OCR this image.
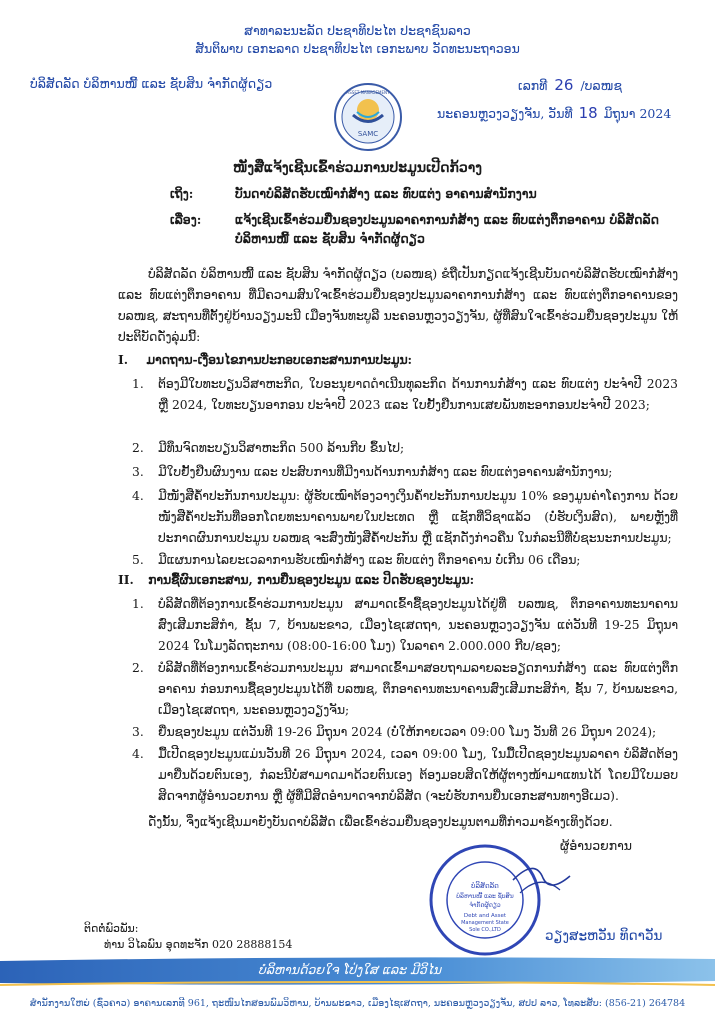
ສາທາລະນະລັດ ປະຊາທິປະໄຕ ປະຊາຊົນລາວ
ສັນຕິພາບ ເອກະລາດ ປະຊາທິປະໄຕ ເອກະພາບ ວັດທະນະຖາວອນ
ບໍລິສັດລັດ ບໍລິຫານໜີ້ ແລະ ຊັບສິນ ຈຳກັດຜູ້ດຽວ	ເລກທີ 26 /ບລໜຊ
ນະຄອນຫຼວງວຽງຈັນ, ວັນທີ 18 ມິຖຸນາ 2024
SAMC
ASSET MANAGEMENT
ໜັງສືແຈ້ງເຊີນເຂົ້າຮ່ວມການປະມູນເປີດກ້ວາງ
ເຖິງ:	ບັນດາບໍລິສັດຮັບເໝົາກໍ່ສ້າງ ແລະ ທົບແຕ່ງ ອາຄານສຳນັກງານ
ເລື່ອງ:	ແຈ້ງເຊີນເຂົ້າຮ່ວມຍື່ນຊອງປະມູນລາຄາການກໍ່ສ້າງ ແລະ ທົບແຕ່ງຕຶກອາຄານ ບໍລິສັດລັດ
ບໍລິຫານໜີ້ ແລະ ຊັບສິນ ຈຳກັດຜູ້ດຽວ
ບໍລິສັດລັດ ບໍລິຫານໜີ້ ແລະ ຊັບສິນ ຈຳກັດຜູ້ດຽວ (ບລໜຊ) ຂໍຖືເປັນກຽດແຈ້ງເຊີນບັນດາບໍລິສັດຮັບເໝົາກໍ່ສ້າງ ແລະ ທົບແຕ່ງຕຶກອາຄານ ທີ່ມີຄວາມສົນໃຈເຂົ້າຮ່ວມຍື່ນຊອງປະມູນລາຄາການກໍ່ສ້າງ ແລະ ທົບແຕ່ງຕຶກອາຄານຂອງ ບລໜຊ, ສະຖານທີ່ຕັ້ງຢູ່ບ້ານວຽງມະນີ ເມືອງຈັນທະບູລີ ນະຄອນຫຼວງວຽງຈັນ, ຜູ້ທີ່ສົນໃຈເຂົ້າຮ່ວມຍື່ນຊອງປະມູນ ໃຫ້ປະຕິບັດດັ່ງລຸ່ມນີ້:
I. ມາດຖານ-ເງື່ອນໄຂການປະກອບເອກະສານການປະມູນ:
1. ຕ້ອງມີໃບທະບຽນວິສາຫະກິດ, ໃບອະນຸຍາດດຳເນີນທຸລະກິດ ດ້ານການກໍ່ສ້າງ ແລະ ທົບແຕ່ງ ປະຈຳປີ 2023 ຫຼື 2024, ໃບທະບຽນອາກອນ ປະຈຳປີ 2023 ແລະ ໃບຢັ້ງຢືນການເສຍພັນທະອາກອນປະຈຳປີ 2023;
2. ມີທຶນຈົດທະບຽນວິສາຫະກິດ 500 ລ້ານກີບ ຂຶ້ນໄປ;
3. ມີໃບຢັ້ງຢືນຜົນງານ ແລະ ປະສົບການທີ່ມີງານດ້ານການກໍ່ສ້າງ ແລະ ທົບແຕ່ງອາຄານສຳນັກງານ;
4. ມີໜັງສືຄ້ຳປະກັນການປະມູນ: ຜູ້ຮັບເໝົາຕ້ອງວາງເງິນຄ້ຳປະກັນການປະມູນ 10% ຂອງມູນຄ່າໂຄງການ ດ້ວຍໜັງສືຄ້ຳປະກັນທີ່ອອກໂດຍທະນາຄານພາຍໃນປະເທດ ຫຼື ແຊັກທີ່ວິຊາແລ້ວ (ບໍ່ຮັບເງິນສົດ), ພາຍຫຼັງທີ່ປະກາດຜົນການປະມູນ ບລໜຊ ຈະສົ່ງໜັງສືຄ້ຳປະກັນ ຫຼື ແຊັກດັ່ງກ່າວຄືນ ໃນກໍລະນີທີ່ບໍ່ຊະນະການປະມູນ;
5. ມີແຜນການໄລຍະເວລາການຮັບເໝົາກໍ່ສ້າງ ແລະ ທົບແຕ່ງ ຕຶກອາຄານ ບໍ່ເກີນ 06 ເດືອນ;
II. ການຊື້ຜົນເອກະສານ, ການຍື່ນຊອງປະມູນ ແລະ ປິດຮັບຊອງປະມູນ:
1. ບໍລິສັດທີ່ຕ້ອງການເຂົ້າຮ່ວມການປະມູນ ສາມາດເຂົ້າຊື້ຊອງປະມູນໄດ້ຢູ່ທີ່ ບລໜຊ, ຕຶກອາຄານທະນາຄານສົ່ງເສີມກະສິກຳ, ຊັ້ນ 7, ບ້ານພະຂາວ, ເມືອງໄຊເສດຖາ, ນະຄອນຫຼວງວຽງຈັນ ແຕ່ວັນທີ 19-25 ມິຖຸນາ 2024 ໃນໂມງລັດຖະການ (08:00-16:00 ໂມງ) ໃນລາຄາ 2.000.000 ກີບ/ຊອງ;
2. ບໍລິສັດທີ່ຕ້ອງການເຂົ້າຮ່ວມການປະມູນ ສາມາດເຂົ້າມາສອບຖາມລາຍລະອຽດການກໍ່ສ້າງ ແລະ ທົບແຕ່ງຕຶກອາຄານ ກ່ອນການຊື້ຊອງປະມູນໄດ້ທີ່ ບລໜຊ, ຕຶກອາຄານທະນາຄານສົ່ງເສີມກະສິກຳ, ຊັ້ນ 7, ບ້ານພະຂາວ, ເມືອງໄຊເສດຖາ, ນະຄອນຫຼວງວຽງຈັນ;
3. ຍື່ນຊອງປະມູນ ແຕ່ວັນທີ 19-26 ມິຖຸນາ 2024 (ບໍ່ໃຫ້ກາຍເວລາ 09:00 ໂມງ ວັນທີ 26 ມິຖຸນາ 2024);
4. ມື້ເປີດຊອງປະມູນແມ່ນວັນທີ 26 ມິຖຸນາ 2024, ເວລາ 09:00 ໂມງ, ໃນມື້ເປີດຊອງປະມູນລາຄາ ບໍລິສັດຕ້ອງມາຍື່ນດ້ວຍຕົນເອງ, ກໍລະນີບໍ່ສາມາດມາດ້ວຍຕົນເອງ ຕ້ອງມອບສິດໃຫ້ຜູ້ຕາງໜ້າມາແທນໄດ້ ໂດຍມີໃບມອບສິດຈາກຜູ້ອຳນວຍການ ຫຼື ຜູ້ທີ່ມີສິດອຳນາດຈາກບໍລິສັດ (ຈະບໍ່ຮັບການຍື່ນເອກະສານທາງອີເມວ).
ດັ່ງນັ້ນ, ຈຶ່ງແຈ້ງເຊີນມາຍັງບັນດາບໍລິສັດ ເພື່ອເຂົ້າຮ່ວມຍື່ນຊອງປະມູນຕາມທີ່ກ່າວມາຂ້າງເທິງດ້ວຍ.
ຜູ້ອຳນວຍການ
ບໍລິສັດລັດ
ບໍລິຫານໜີ້ ແລະ ຊັບສິນ
ຈຳກັດຜູ້ດຽວ
Debt and Asset
Management State
Sole CO.,LTD	ວຽງສະຫວັນ ທິດາວັນ
ຕິດຕໍ່ພົວພັນ:
ທ່ານ ວິໄລພົນ ອຸດທະຈັກ 020 28888154
ບໍລິຫານດ້ວຍໃຈ ໂປ່ງໃສ ແລະ ມີວິໄນ
ສຳນັກງານໃຫຍ່ (ຊົ່ວຄາວ) ອາຄານເລກທີ 961, ຖະໜົນໄກສອນພົມວິຫານ, ບ້ານພະຂາວ, ເມືອງໄຊເສດຖາ, ນະຄອນຫຼວງວຽງຈັນ, ສປປ ລາວ, ໂທລະສັບ: (856-21) 264784
